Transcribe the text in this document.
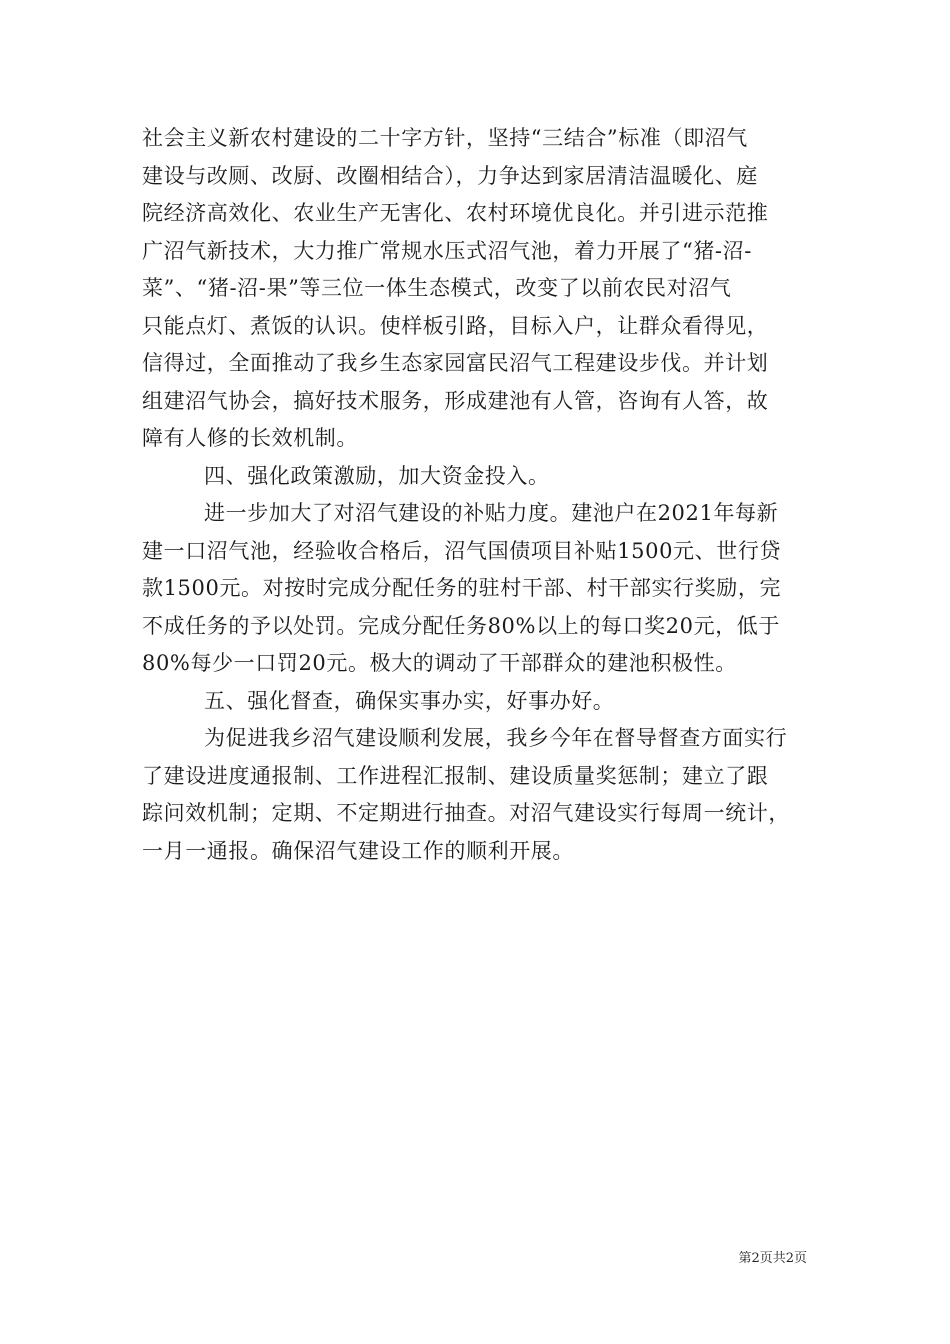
社会主义新农村建设的二十字方针，坚持“三结合”标准（即沼气
建设与改厕、改厨、改圈相结合），力争达到家居清洁温暖化、庭
院经济高效化、农业生产无害化、农村环境优良化。并引进示范推
广沼气新技术，大力推广常规水压式沼气池，着力开展了“猪-沼-
菜”、“猪-沼-果”等三位一体生态模式，改变了以前农民对沼气
只能点灯、煮饭的认识。使样板引路，目标入户，让群众看得见，
信得过，全面推动了我乡生态家园富民沼气工程建设步伐。并计划
组建沼气协会，搞好技术服务，形成建池有人管，咨询有人答，故
障有人修的长效机制。
四、强化政策激励，加大资金投入。
进一步加大了对沼气建设的补贴力度。建池户在2021年每新
建一口沼气池，经验收合格后，沼气国债项目补贴1500元、世行贷
款1500元。对按时完成分配任务的驻村干部、村干部实行奖励，完
不成任务的予以处罚。完成分配任务80%以上的每口奖20元，低于
80%每少一口罚20元。极大的调动了干部群众的建池积极性。
五、强化督查，确保实事办实，好事办好。
为促进我乡沼气建设顺利发展，我乡今年在督导督查方面实行
了建设进度通报制、工作进程汇报制、建设质量奖惩制；建立了跟
踪问效机制；定期、不定期进行抽查。对沼气建设实行每周一统计，
一月一通报。确保沼气建设工作的顺利开展。
第2页共2页
